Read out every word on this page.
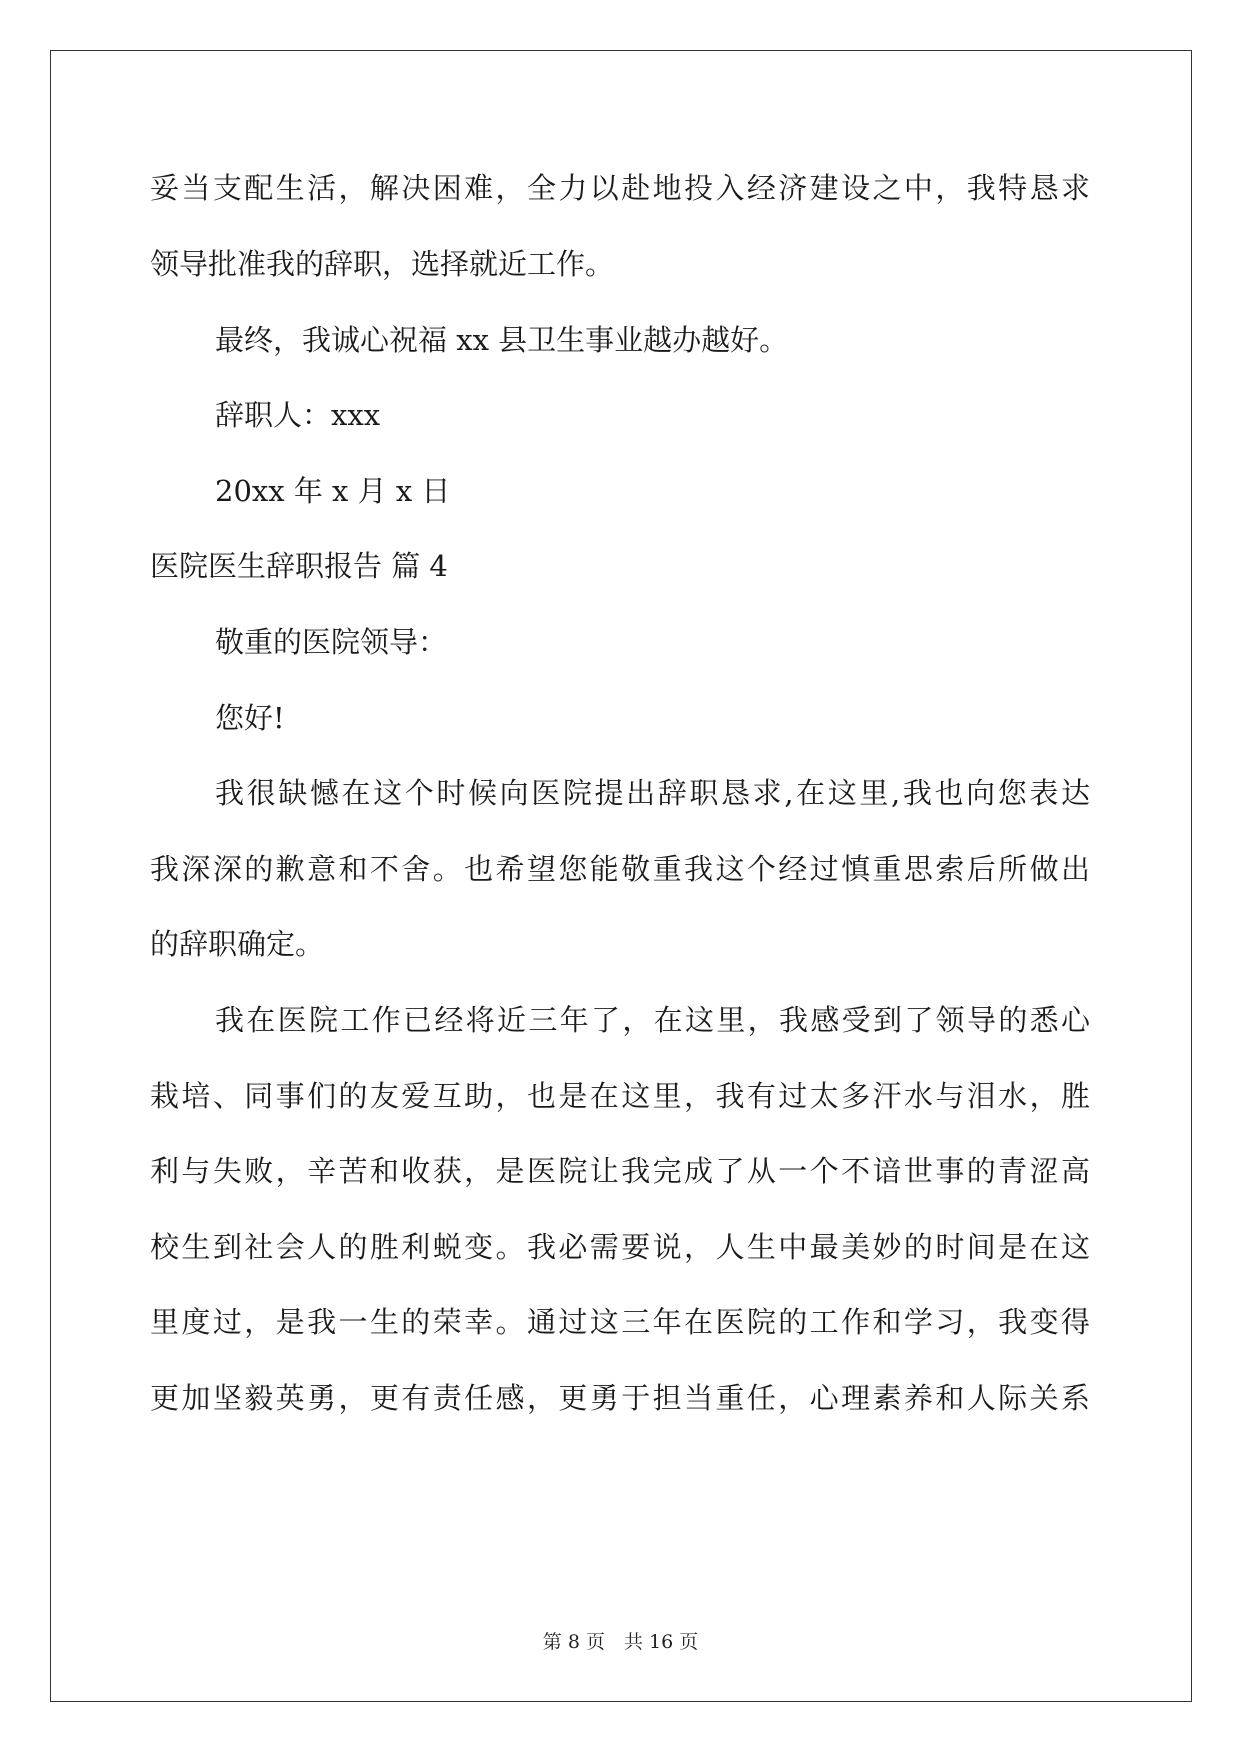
妥当支配生活，解决困难，全力以赴地投入经济建设之中，我特恳求
领导批准我的辞职，选择就近工作。
最终，我诚心祝福 xx 县卫生事业越办越好。
辞职人：xxx
20xx 年 x 月 x 日
医院医生辞职报告 篇 4
敬重的医院领导：
您好!
我很缺憾在这个时候向医院提出辞职恳求,在这里,我也向您表达
我深深的歉意和不舍。也希望您能敬重我这个经过慎重思索后所做出
的辞职确定。
我在医院工作已经将近三年了，在这里，我感受到了领导的悉心
栽培、同事们的友爱互助，也是在这里，我有过太多汗水与泪水，胜
利与失败，辛苦和收获，是医院让我完成了从一个不谙世事的青涩高
校生到社会人的胜利蜕变。我必需要说，人生中最美妙的时间是在这
里度过，是我一生的荣幸。通过这三年在医院的工作和学习，我变得
更加坚毅英勇，更有责任感，更勇于担当重任，心理素养和人际关系
第 8 页　共 16 页
